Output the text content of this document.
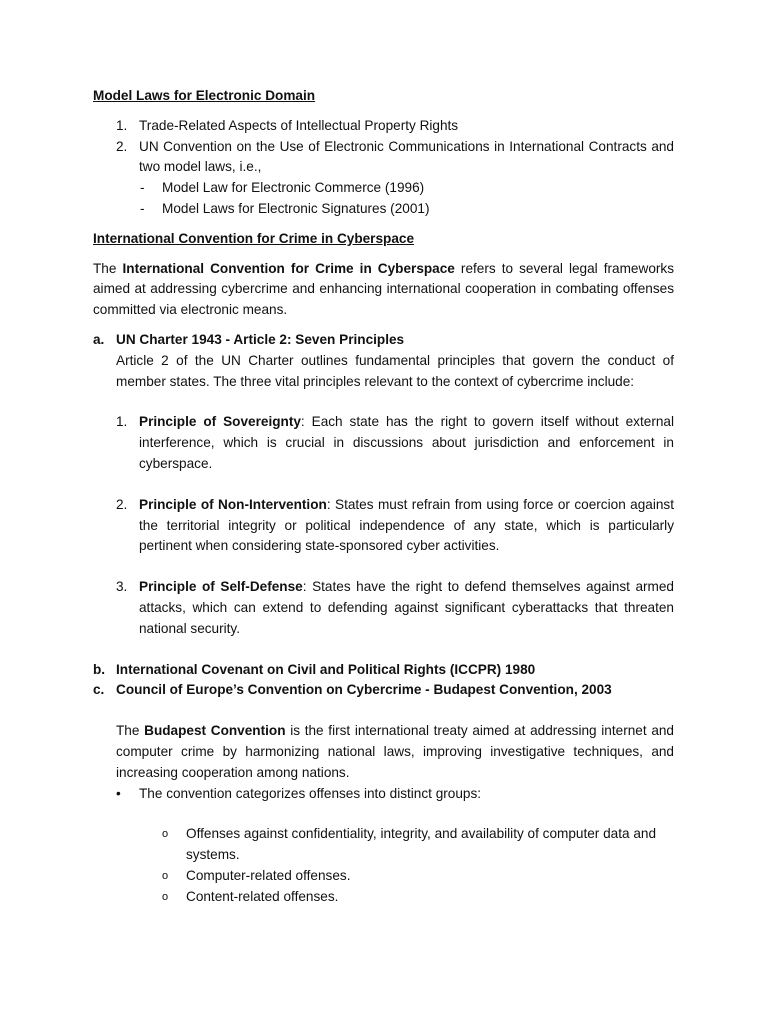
Model Laws for Electronic Domain

1. Trade-Related Aspects of Intellectual Property Rights
2. UN Convention on the Use of Electronic Communications in International Contracts and two model laws, i.e.,
- Model Law for Electronic Commerce (1996)
- Model Laws for Electronic Signatures (2001)

International Convention for Crime in Cyberspace

The International Convention for Crime in Cyberspace refers to several legal frameworks aimed at addressing cybercrime and enhancing international cooperation in combating offenses committed via electronic means.

a. UN Charter 1943 - Article 2: Seven Principles
Article 2 of the UN Charter outlines fundamental principles that govern the conduct of member states. The three vital principles relevant to the context of cybercrime include:
1. Principle of Sovereignty: Each state has the right to govern itself without external interference, which is crucial in discussions about jurisdiction and enforcement in cyberspace.
2. Principle of Non-Intervention: States must refrain from using force or coercion against the territorial integrity or political independence of any state, which is particularly pertinent when considering state-sponsored cyber activities.
3. Principle of Self-Defense: States have the right to defend themselves against armed attacks, which can extend to defending against significant cyberattacks that threaten national security.
b. International Covenant on Civil and Political Rights (ICCPR) 1980
c. Council of Europe’s Convention on Cybercrime - Budapest Convention, 2003

The Budapest Convention is the first international treaty aimed at addressing internet and computer crime by harmonizing national laws, improving investigative techniques, and increasing cooperation among nations.

• The convention categorizes offenses into distinct groups:
o Offenses against confidentiality, integrity, and availability of computer data and systems.
o Computer-related offenses.
o Content-related offenses.
